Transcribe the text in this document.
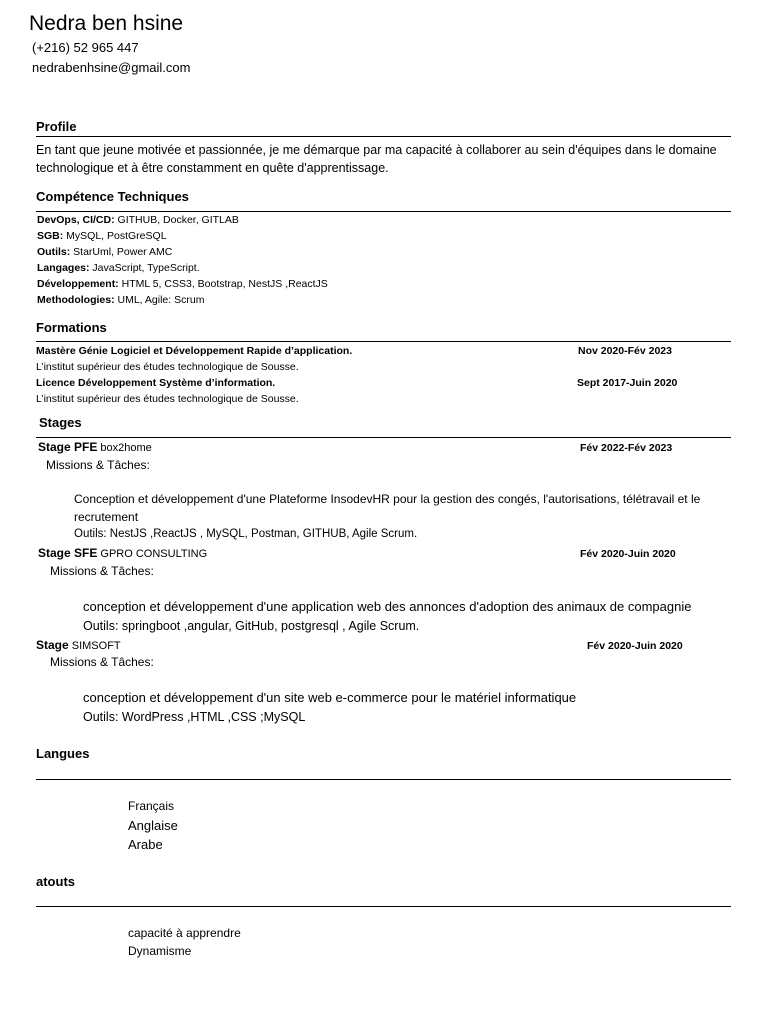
Nedra ben hsine
(+216) 52 965 447
nedrabenhsine@gmail.com
Profile
En tant que jeune motivée et passionnée, je me démarque par ma capacité à collaborer au sein d'équipes dans le domaine
technologique et à être constamment en quête d'apprentissage.
Compétence Techniques
DevOps, CI/CD: GITHUB, Docker, GITLAB
SGB: MySQL, PostGreSQL
Outils: StarUml, Power AMC
Langages: JavaScript, TypeScript.
Développement: HTML 5, CSS3, Bootstrap, NestJS ,ReactJS
Methodologies: UML, Agile: Scrum
Formations
Mastère Génie Logiciel et Développement Rapide d’application.	Nov 2020-Fév 2023
L’institut supérieur des études technologique de Sousse.
Licence Développement Système d’information.	Sept 2017-Juin 2020
L’institut supérieur des études technologique de Sousse.
Stages
Stage PFE box2home	Fév 2022-Fév 2023
Missions & Tâches:
Conception et développement d'une Plateforme InsodevHR pour la gestion des congés, l'autorisations, télétravail et le
recrutement
Outils: NestJS ,ReactJS , MySQL, Postman, GITHUB, Agile Scrum.
Stage SFE GPRO CONSULTING	Fév 2020-Juin 2020
Missions & Tâches:
conception et développement d'une application web des annonces d'adoption des animaux de compagnie
Outils: springboot ,angular, GitHub, postgresql , Agile Scrum.
Stage SIMSOFT	Fév 2020-Juin 2020
Missions & Tâches:
conception et développement d'un site web e-commerce pour le matériel informatique
Outils: WordPress ,HTML ,CSS ;MySQL
Langues
Français
Anglaise
Arabe
atouts
capacité à apprendre
Dynamisme
